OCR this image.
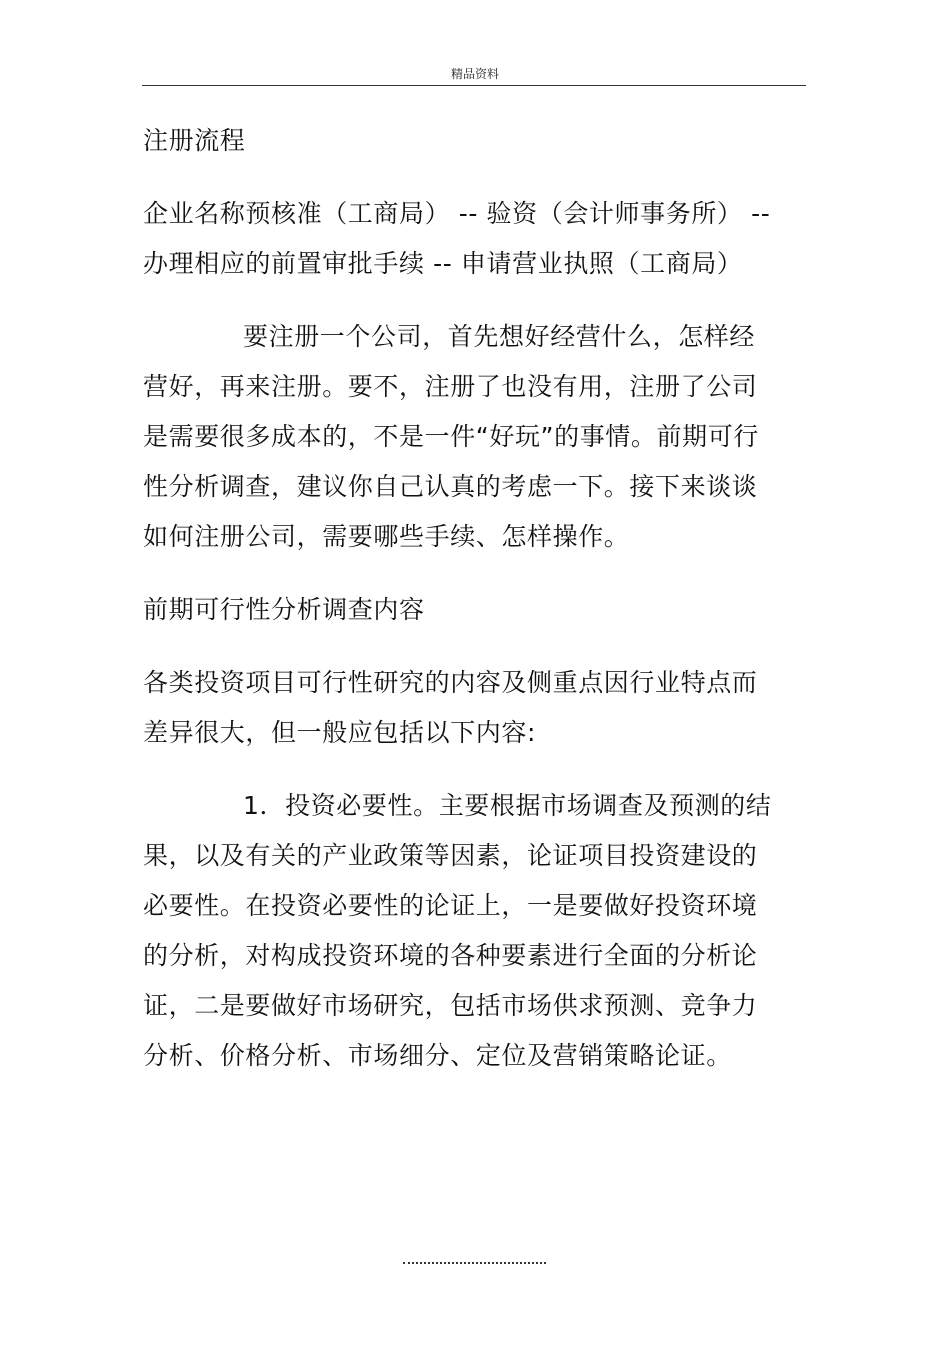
精品资料

注册流程

企业名称预核准（工商局） -- 验资（会计师事务所） -- 办理相应的前置审批手续 -- 申请营业执照（工商局）

要注册一个公司，首先想好经营什么，怎样经营好，再来注册。要不，注册了也没有用，注册了公司是需要很多成本的，不是一件“好玩”的事情。前期可行性分析调查，建议你自己认真的考虑一下。接下来谈谈如何注册公司，需要哪些手续、怎样操作。

前期可行性分析调查内容

各类投资项目可行性研究的内容及侧重点因行业特点而差异很大，但一般应包括以下内容:

1．投资必要性。主要根据市场调查及预测的结果，以及有关的产业政策等因素，论证项目投资建设的必要性。在投资必要性的论证上，一是要做好投资环境的分析，对构成投资环境的各种要素进行全面的分析论证，二是要做好市场研究，包括市场供求预测、竞争力分析、价格分析、市场细分、定位及营销策略论证。
